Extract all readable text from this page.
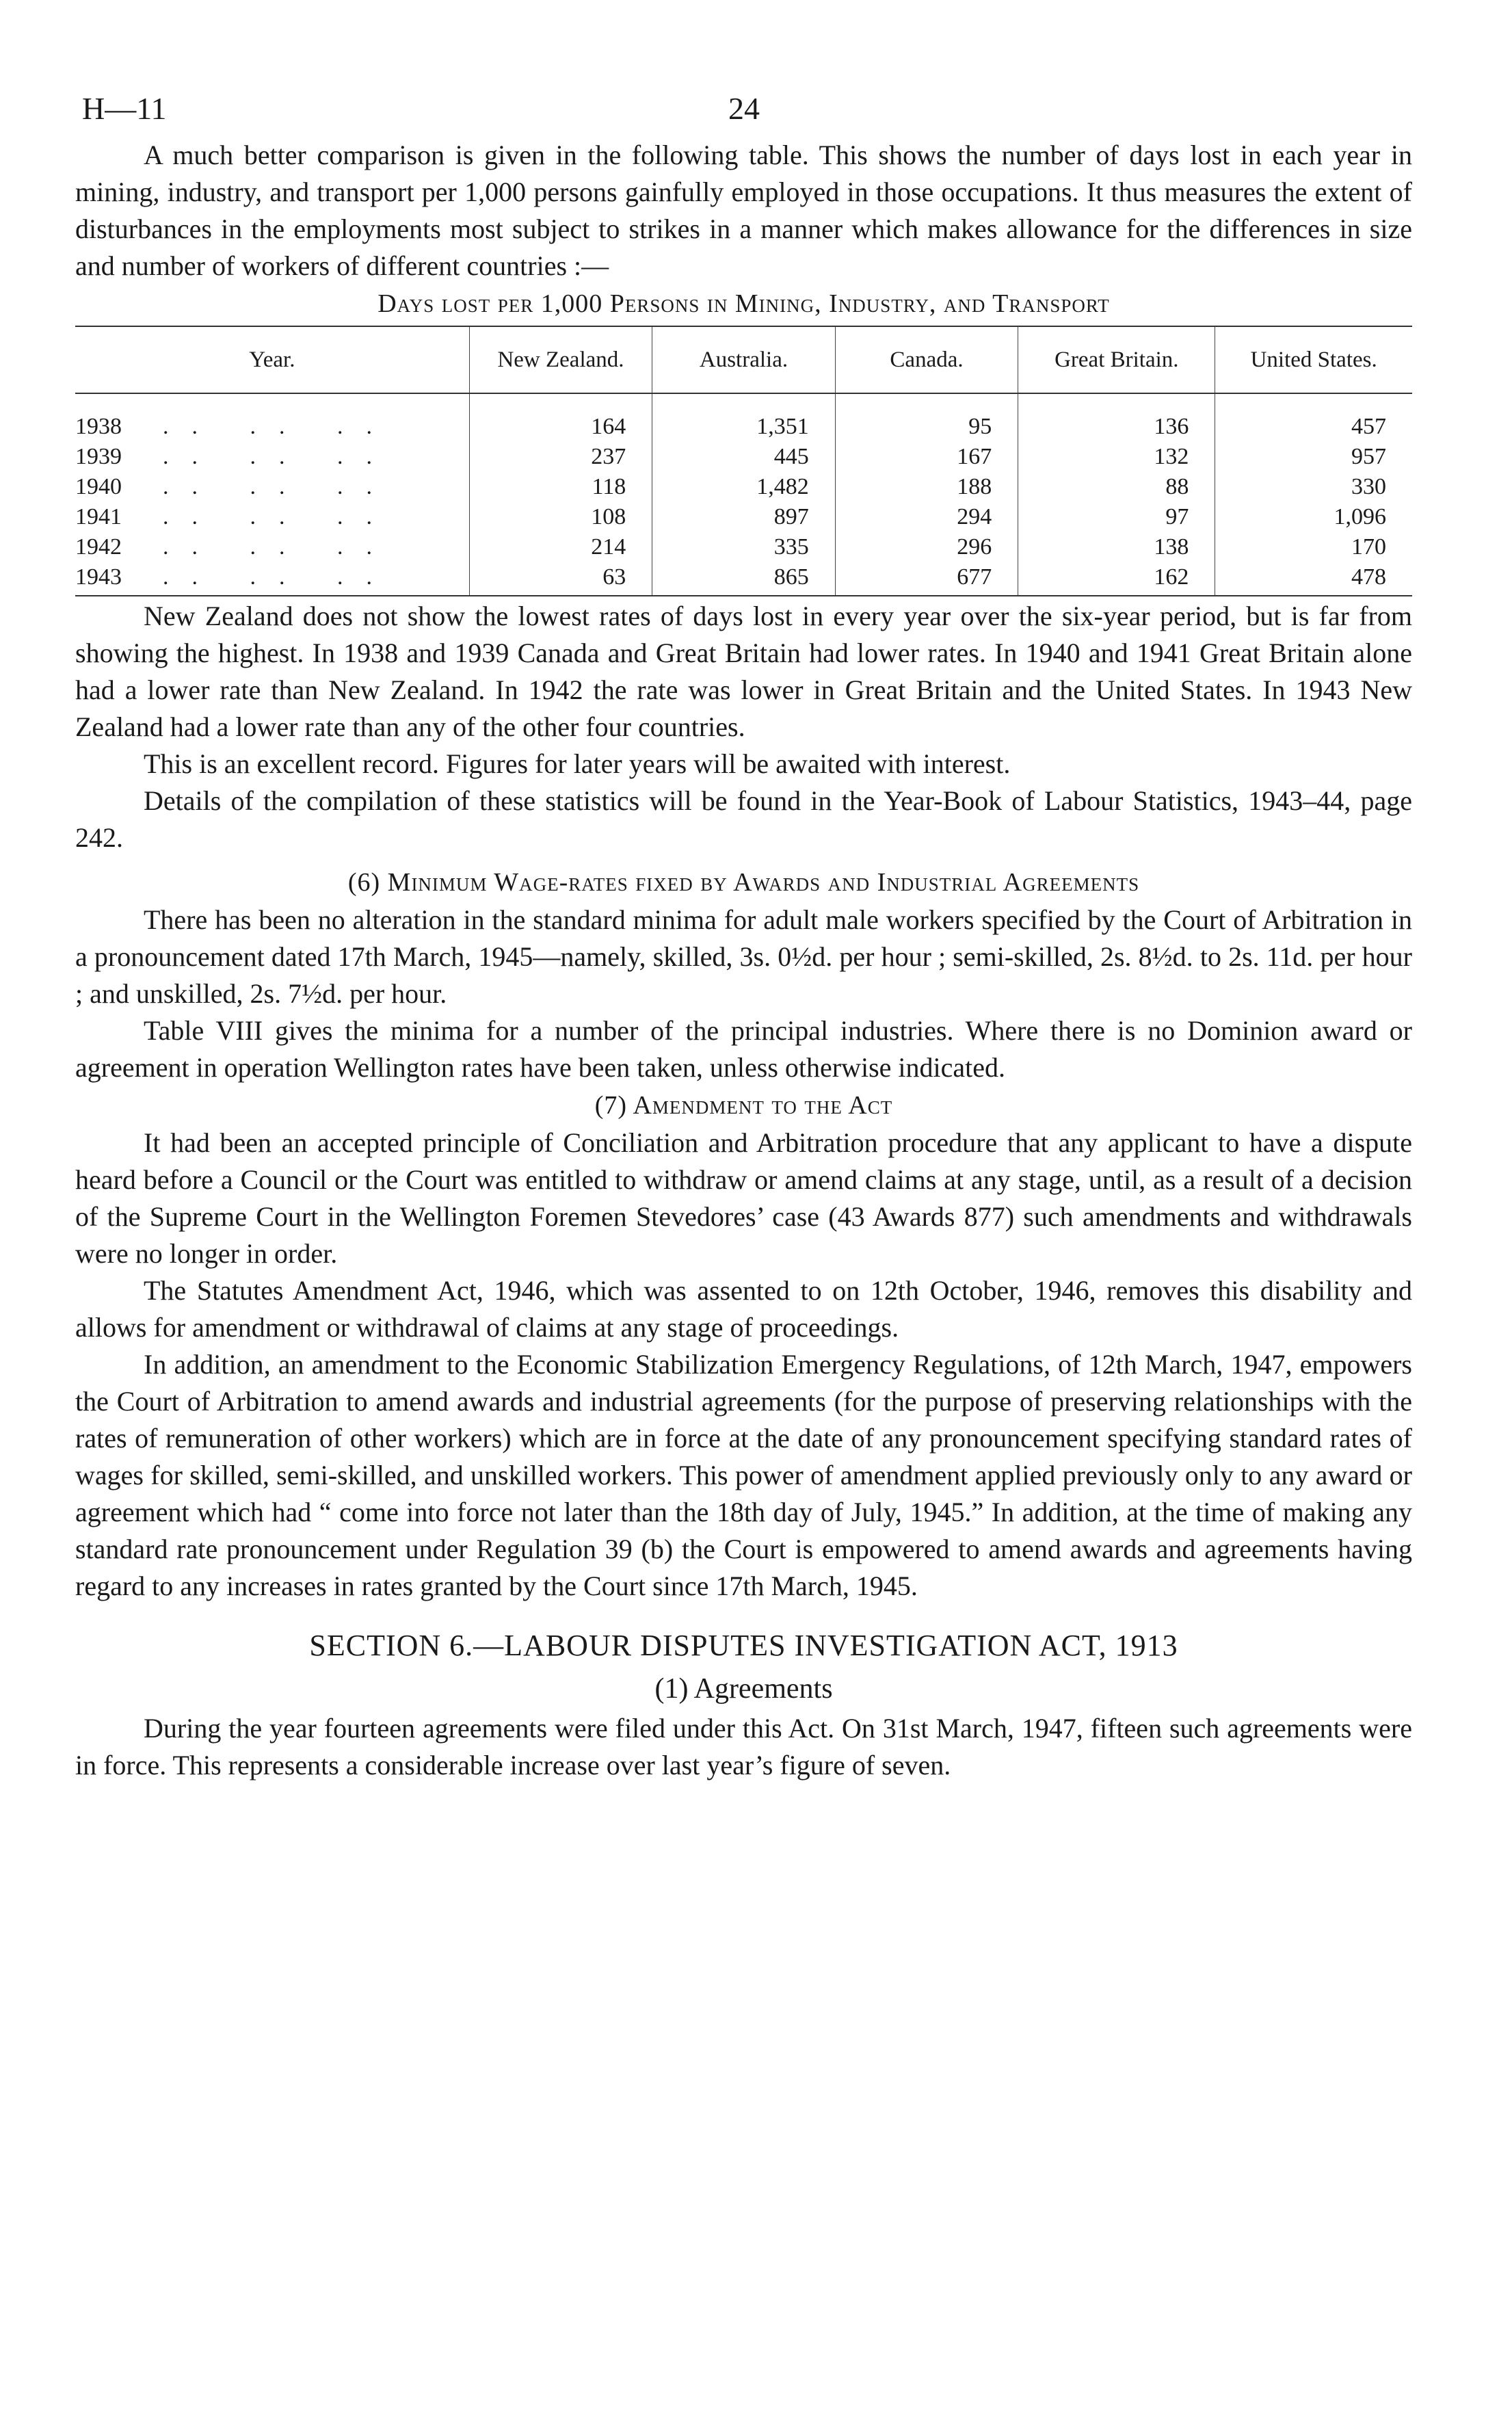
H—11	24

A much better comparison is given in the following table. This shows the number of days lost in each year in mining, industry, and transport per 1,000 persons gainfully employed in those occupations. It thus measures the extent of disturbances in the employments most subject to strikes in a manner which makes allowance for the differences in size and number of workers of different countries :—

Days lost per 1,000 Persons in Mining, Industry, and Transport
Year.	New Zealand.	Australia.	Canada.	Great Britain.	United States.
1938 .. .. ..	164	1,351	95	136	457
1939 .. .. ..	237	445	167	132	957
1940 .. .. ..	118	1,482	188	88	330
1941 .. .. ..	108	897	294	97	1,096
1942 .. .. ..	214	335	296	138	170
1943 .. .. ..	63	865	677	162	478

New Zealand does not show the lowest rates of days lost in every year over the six-year period, but is far from showing the highest. In 1938 and 1939 Canada and Great Britain had lower rates. In 1940 and 1941 Great Britain alone had a lower rate than New Zealand. In 1942 the rate was lower in Great Britain and the United States. In 1943 New Zealand had a lower rate than any of the other four countries.

This is an excellent record. Figures for later years will be awaited with interest.

Details of the compilation of these statistics will be found in the Year-Book of Labour Statistics, 1943–44, page 242.

(6) Minimum Wage-rates fixed by Awards and Industrial Agreements

There has been no alteration in the standard minima for adult male workers specified by the Court of Arbitration in a pronouncement dated 17th March, 1945—namely, skilled, 3s. 0½d. per hour ; semi-skilled, 2s. 8½d. to 2s. 11d. per hour ; and unskilled, 2s. 7½d. per hour.

Table VIII gives the minima for a number of the principal industries. Where there is no Dominion award or agreement in operation Wellington rates have been taken, unless otherwise indicated.

(7) Amendment to the Act

It had been an accepted principle of Conciliation and Arbitration procedure that any applicant to have a dispute heard before a Council or the Court was entitled to withdraw or amend claims at any stage, until, as a result of a decision of the Supreme Court in the Wellington Foremen Stevedores’ case (43 Awards 877) such amendments and withdrawals were no longer in order.

The Statutes Amendment Act, 1946, which was assented to on 12th October, 1946, removes this disability and allows for amendment or withdrawal of claims at any stage of proceedings.

In addition, an amendment to the Economic Stabilization Emergency Regulations, of 12th March, 1947, empowers the Court of Arbitration to amend awards and industrial agreements (for the purpose of preserving relationships with the rates of remuneration of other workers) which are in force at the date of any pronouncement specifying standard rates of wages for skilled, semi-skilled, and unskilled workers. This power of amendment applied previously only to any award or agreement which had “ come into force not later than the 18th day of July, 1945.” In addition, at the time of making any standard rate pronouncement under Regulation 39 (b) the Court is empowered to amend awards and agreements having regard to any increases in rates granted by the Court since 17th March, 1945.

SECTION 6.—LABOUR DISPUTES INVESTIGATION ACT, 1913
(1) Agreements

During the year fourteen agreements were filed under this Act. On 31st March, 1947, fifteen such agreements were in force. This represents a considerable increase over last year’s figure of seven.
